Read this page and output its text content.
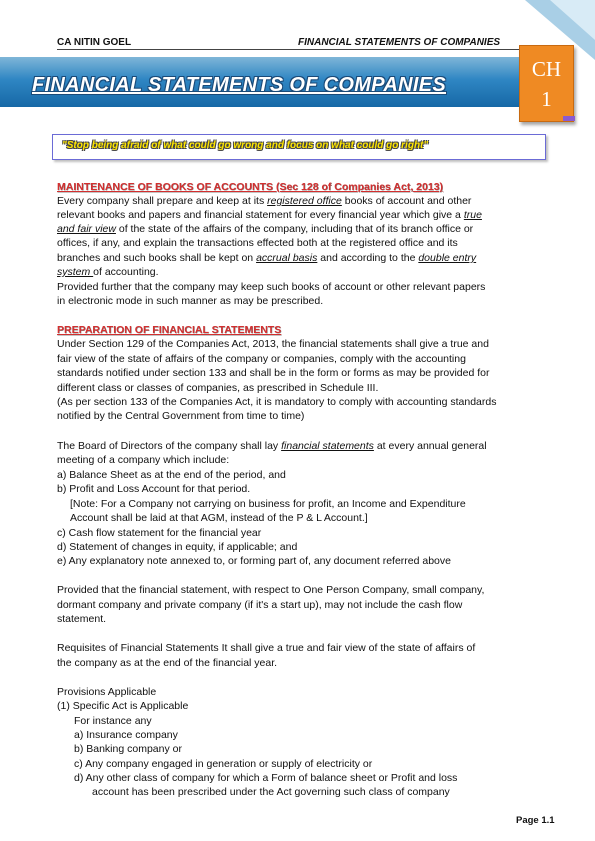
CA NITIN GOEL	FINANCIAL STATEMENTS OF COMPANIES
FINANCIAL STATEMENTS OF COMPANIES
CH
1
"Stop being afraid of what could go wrong and focus on what could go right"
MAINTENANCE OF BOOKS OF ACCOUNTS (Sec 128 of Companies Act, 2013)
Every company shall prepare and keep at its registered office books of account and other
relevant books and papers and financial statement for every financial year which give a true
and fair view of the state of the affairs of the company, including that of its branch office or
offices, if any, and explain the transactions effected both at the registered office and its
branches and such books shall be kept on accrual basis and according to the double entry
system of accounting.
Provided further that the company may keep such books of account or other relevant papers
in electronic mode in such manner as may be prescribed.
PREPARATION OF FINANCIAL STATEMENTS
Under Section 129 of the Companies Act, 2013, the financial statements shall give a true and
fair view of the state of affairs of the company or companies, comply with the accounting
standards notified under section 133 and shall be in the form or forms as may be provided for
different class or classes of companies, as prescribed in Schedule III.
(As per section 133 of the Companies Act, it is mandatory to comply with accounting standards
notified by the Central Government from time to time)
The Board of Directors of the company shall lay financial statements at every annual general
meeting of a company which include:
a) Balance Sheet as at the end of the period, and
b) Profit and Loss Account for that period.
[Note: For a Company not carrying on business for profit, an Income and Expenditure
Account shall be laid at that AGM, instead of the P & L Account.]
c) Cash flow statement for the financial year
d) Statement of changes in equity, if applicable; and
e) Any explanatory note annexed to, or forming part of, any document referred above
Provided that the financial statement, with respect to One Person Company, small company,
dormant company and private company (if it's a start up), may not include the cash flow
statement.
Requisites of Financial Statements It shall give a true and fair view of the state of affairs of
the company as at the end of the financial year.
Provisions Applicable
(1) Specific Act is Applicable
For instance any
a) Insurance company
b) Banking company or
c) Any company engaged in generation or supply of electricity or
d) Any other class of company for which a Form of balance sheet or Profit and loss
account has been prescribed under the Act governing such class of company
Page 1.1
